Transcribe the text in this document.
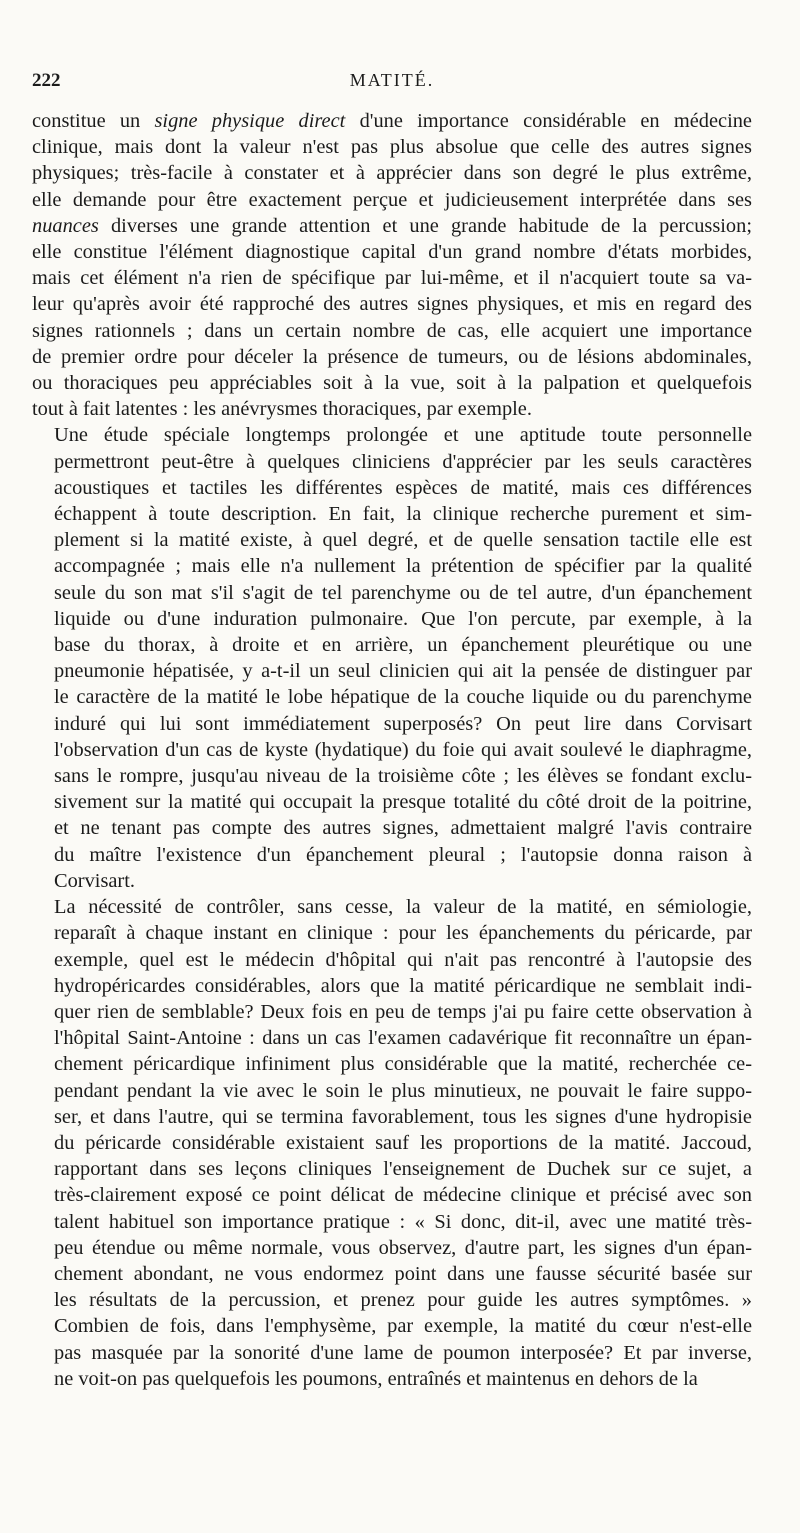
222	MATITÉ.
constitue un signe physique direct d'une importance considérable en médecine
clinique, mais dont la valeur n'est pas plus absolue que celle des autres signes
physiques; très-facile à constater et à apprécier dans son degré le plus extrême,
elle demande pour être exactement perçue et judicieusement interprétée dans ses
nuances diverses une grande attention et une grande habitude de la percussion;
elle constitue l'élément diagnostique capital d'un grand nombre d'états morbides,
mais cet élément n'a rien de spécifique par lui-même, et il n'acquiert toute sa va-
leur qu'après avoir été rapproché des autres signes physiques, et mis en regard des
signes rationnels ; dans un certain nombre de cas, elle acquiert une importance
de premier ordre pour déceler la présence de tumeurs, ou de lésions abdominales,
ou thoraciques peu appréciables soit à la vue, soit à la palpation et quelquefois
tout à fait latentes : les anévrysmes thoraciques, par exemple.
Une étude spéciale longtemps prolongée et une aptitude toute personnelle
permettront peut-être à quelques cliniciens d'apprécier par les seuls caractères
acoustiques et tactiles les différentes espèces de matité, mais ces différences
échappent à toute description. En fait, la clinique recherche purement et sim-
plement si la matité existe, à quel degré, et de quelle sensation tactile elle est
accompagnée ; mais elle n'a nullement la prétention de spécifier par la qualité
seule du son mat s'il s'agit de tel parenchyme ou de tel autre, d'un épanchement
liquide ou d'une induration pulmonaire. Que l'on percute, par exemple, à la
base du thorax, à droite et en arrière, un épanchement pleurétique ou une
pneumonie hépatisée, y a-t-il un seul clinicien qui ait la pensée de distinguer par
le caractère de la matité le lobe hépatique de la couche liquide ou du parenchyme
induré qui lui sont immédiatement superposés? On peut lire dans Corvisart
l'observation d'un cas de kyste (hydatique) du foie qui avait soulevé le diaphragme,
sans le rompre, jusqu'au niveau de la troisième côte ; les élèves se fondant exclu-
sivement sur la matité qui occupait la presque totalité du côté droit de la poitrine,
et ne tenant pas compte des autres signes, admettaient malgré l'avis contraire
du maître l'existence d'un épanchement pleural ; l'autopsie donna raison à
Corvisart.
La nécessité de contrôler, sans cesse, la valeur de la matité, en sémiologie,
reparaît à chaque instant en clinique : pour les épanchements du péricarde, par
exemple, quel est le médecin d'hôpital qui n'ait pas rencontré à l'autopsie des
hydropéricardes considérables, alors que la matité péricardique ne semblait indi-
quer rien de semblable? Deux fois en peu de temps j'ai pu faire cette observation à
l'hôpital Saint-Antoine : dans un cas l'examen cadavérique fit reconnaître un épan-
chement péricardique infiniment plus considérable que la matité, recherchée ce-
pendant pendant la vie avec le soin le plus minutieux, ne pouvait le faire suppo-
ser, et dans l'autre, qui se termina favorablement, tous les signes d'une hydropisie
du péricarde considérable existaient sauf les proportions de la matité. Jaccoud,
rapportant dans ses leçons cliniques l'enseignement de Duchek sur ce sujet, a
très-clairement exposé ce point délicat de médecine clinique et précisé avec son
talent habituel son importance pratique : « Si donc, dit-il, avec une matité très-
peu étendue ou même normale, vous observez, d'autre part, les signes d'un épan-
chement abondant, ne vous endormez point dans une fausse sécurité basée sur
les résultats de la percussion, et prenez pour guide les autres symptômes. »
Combien de fois, dans l'emphysème, par exemple, la matité du cœur n'est-elle
pas masquée par la sonorité d'une lame de poumon interposée? Et par inverse,
ne voit-on pas quelquefois les poumons, entraînés et maintenus en dehors de la
